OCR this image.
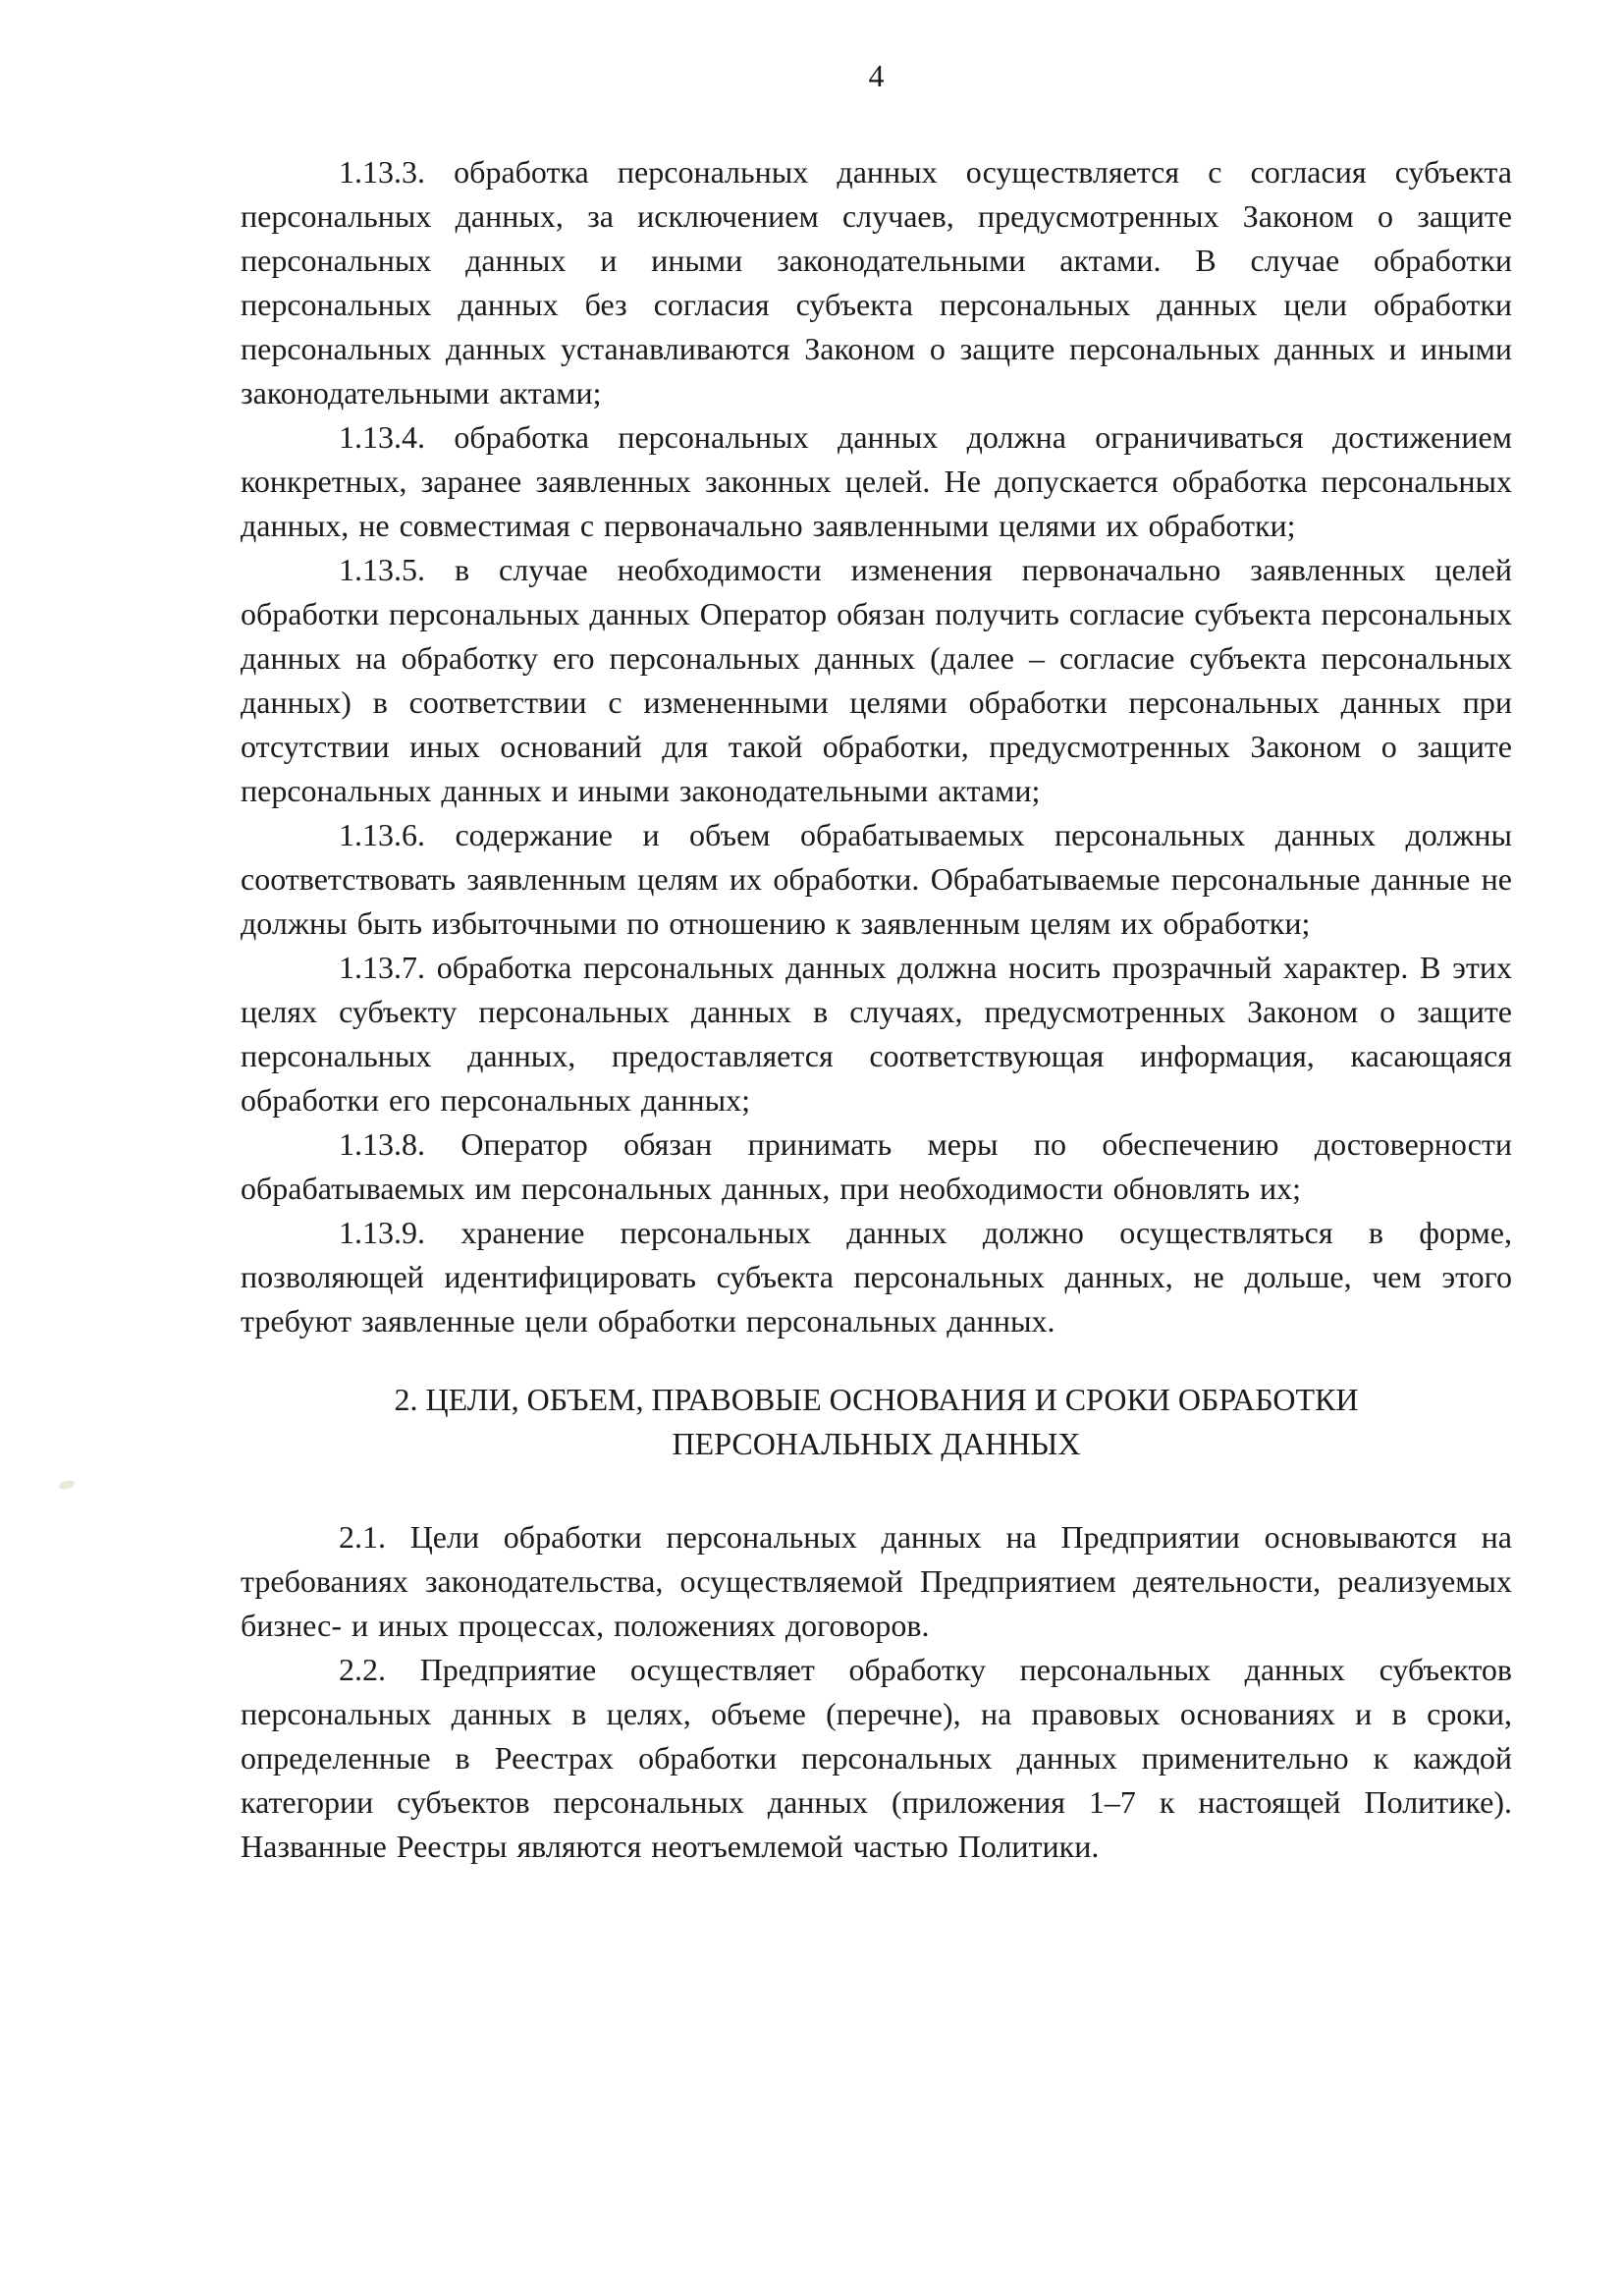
4

1.13.3. обработка персональных данных осуществляется с согласия субъекта персональных данных, за исключением случаев, предусмотренных Законом о защите персональных данных и иными законодательными актами. В случае обработки персональных данных без согласия субъекта персональных данных цели обработки персональных данных устанавливаются Законом о защите персональных данных и иными законодательными актами;

1.13.4. обработка персональных данных должна ограничиваться достижением конкретных, заранее заявленных законных целей. Не допускается обработка персональных данных, не совместимая с первоначально заявленными целями их обработки;

1.13.5. в случае необходимости изменения первоначально заявленных целей обработки персональных данных Оператор обязан получить согласие субъекта персональных данных на обработку его персональных данных (далее – согласие субъекта персональных данных) в соответствии с измененными целями обработки персональных данных при отсутствии иных оснований для такой обработки, предусмотренных Законом о защите персональных данных и иными законодательными актами;

1.13.6. содержание и объем обрабатываемых персональных данных должны соответствовать заявленным целям их обработки. Обрабатываемые персональные данные не должны быть избыточными по отношению к заявленным целям их обработки;

1.13.7. обработка персональных данных должна носить прозрачный характер. В этих целях субъекту персональных данных в случаях, предусмотренных Законом о защите персональных данных, предоставляется соответствующая информация, касающаяся обработки его персональных данных;

1.13.8. Оператор обязан принимать меры по обеспечению достоверности обрабатываемых им персональных данных, при необходимости обновлять их;

1.13.9. хранение персональных данных должно осуществляться в форме, позволяющей идентифицировать субъекта персональных данных, не дольше, чем этого требуют заявленные цели обработки персональных данных.

2. ЦЕЛИ, ОБЪЕМ, ПРАВОВЫЕ ОСНОВАНИЯ И СРОКИ ОБРАБОТКИ ПЕРСОНАЛЬНЫХ ДАННЫХ

2.1. Цели обработки персональных данных на Предприятии основываются на требованиях законодательства, осуществляемой Предприятием деятельности, реализуемых бизнес- и иных процессах, положениях договоров.

2.2. Предприятие осуществляет обработку персональных данных субъектов персональных данных в целях, объеме (перечне), на правовых основаниях и в сроки, определенные в Реестрах обработки персональных данных применительно к каждой категории субъектов персональных данных (приложения 1–7 к настоящей Политике). Названные Реестры являются неотъемлемой частью Политики.
